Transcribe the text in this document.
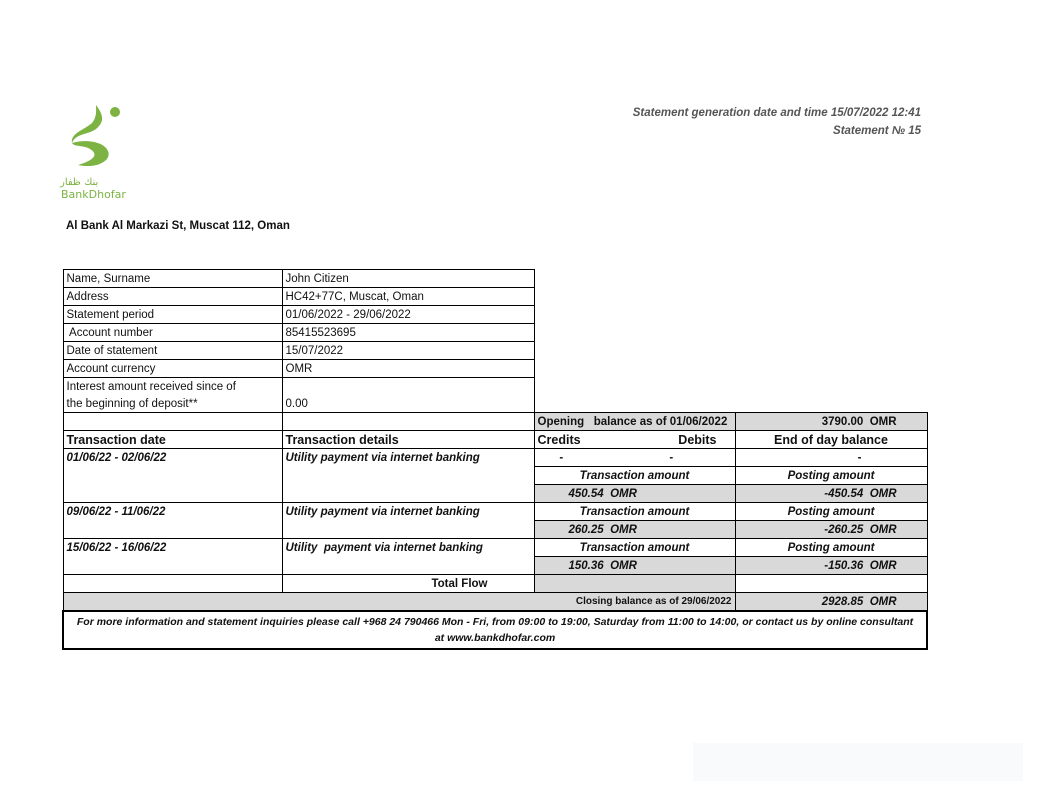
بنك ظفار
BankDhofar
Statement generation date and time 15/07/2022 12:41
Statement № 15
Al Bank Al Markazi St, Muscat 112, Oman
Name, Surname	John Citizen			
Address	HC42+77C, Muscat, Oman			
Statement period	01/06/2022 - 29/06/2022			
Account number	85415523695			
Date of statement	15/07/2022			
Account currency	OMR			
Interest amount received since of				
the beginning of deposit**	0.00			
		Opening   balance as of 01/06/2022		3790.00  OMR
Transaction date	Transaction details	Credits	Debits	End of day balance
01/06/22 - 02/06/22	Utility payment via internet banking	-	-	-
		Transaction amount		Posting amount
		450.54  OMR		-450.54  OMR
09/06/22 - 11/06/22	Utility payment via internet banking	Transaction amount		Posting amount
		260.25  OMR		-260.25  OMR
15/06/22 - 16/06/22	Utility  payment via internet banking	Transaction amount		Posting amount
		150.36  OMR		-150.36  OMR
	Total Flow			
Closing balance as of 29/06/2022				2928.85  OMR

For more information and statement inquiries please call +968 24 790466 Mon - Fri, from 09:00 to 19:00, Saturday from 11:00 to 14:00, or contact us by online consultant
at www.bankdhofar.com				
